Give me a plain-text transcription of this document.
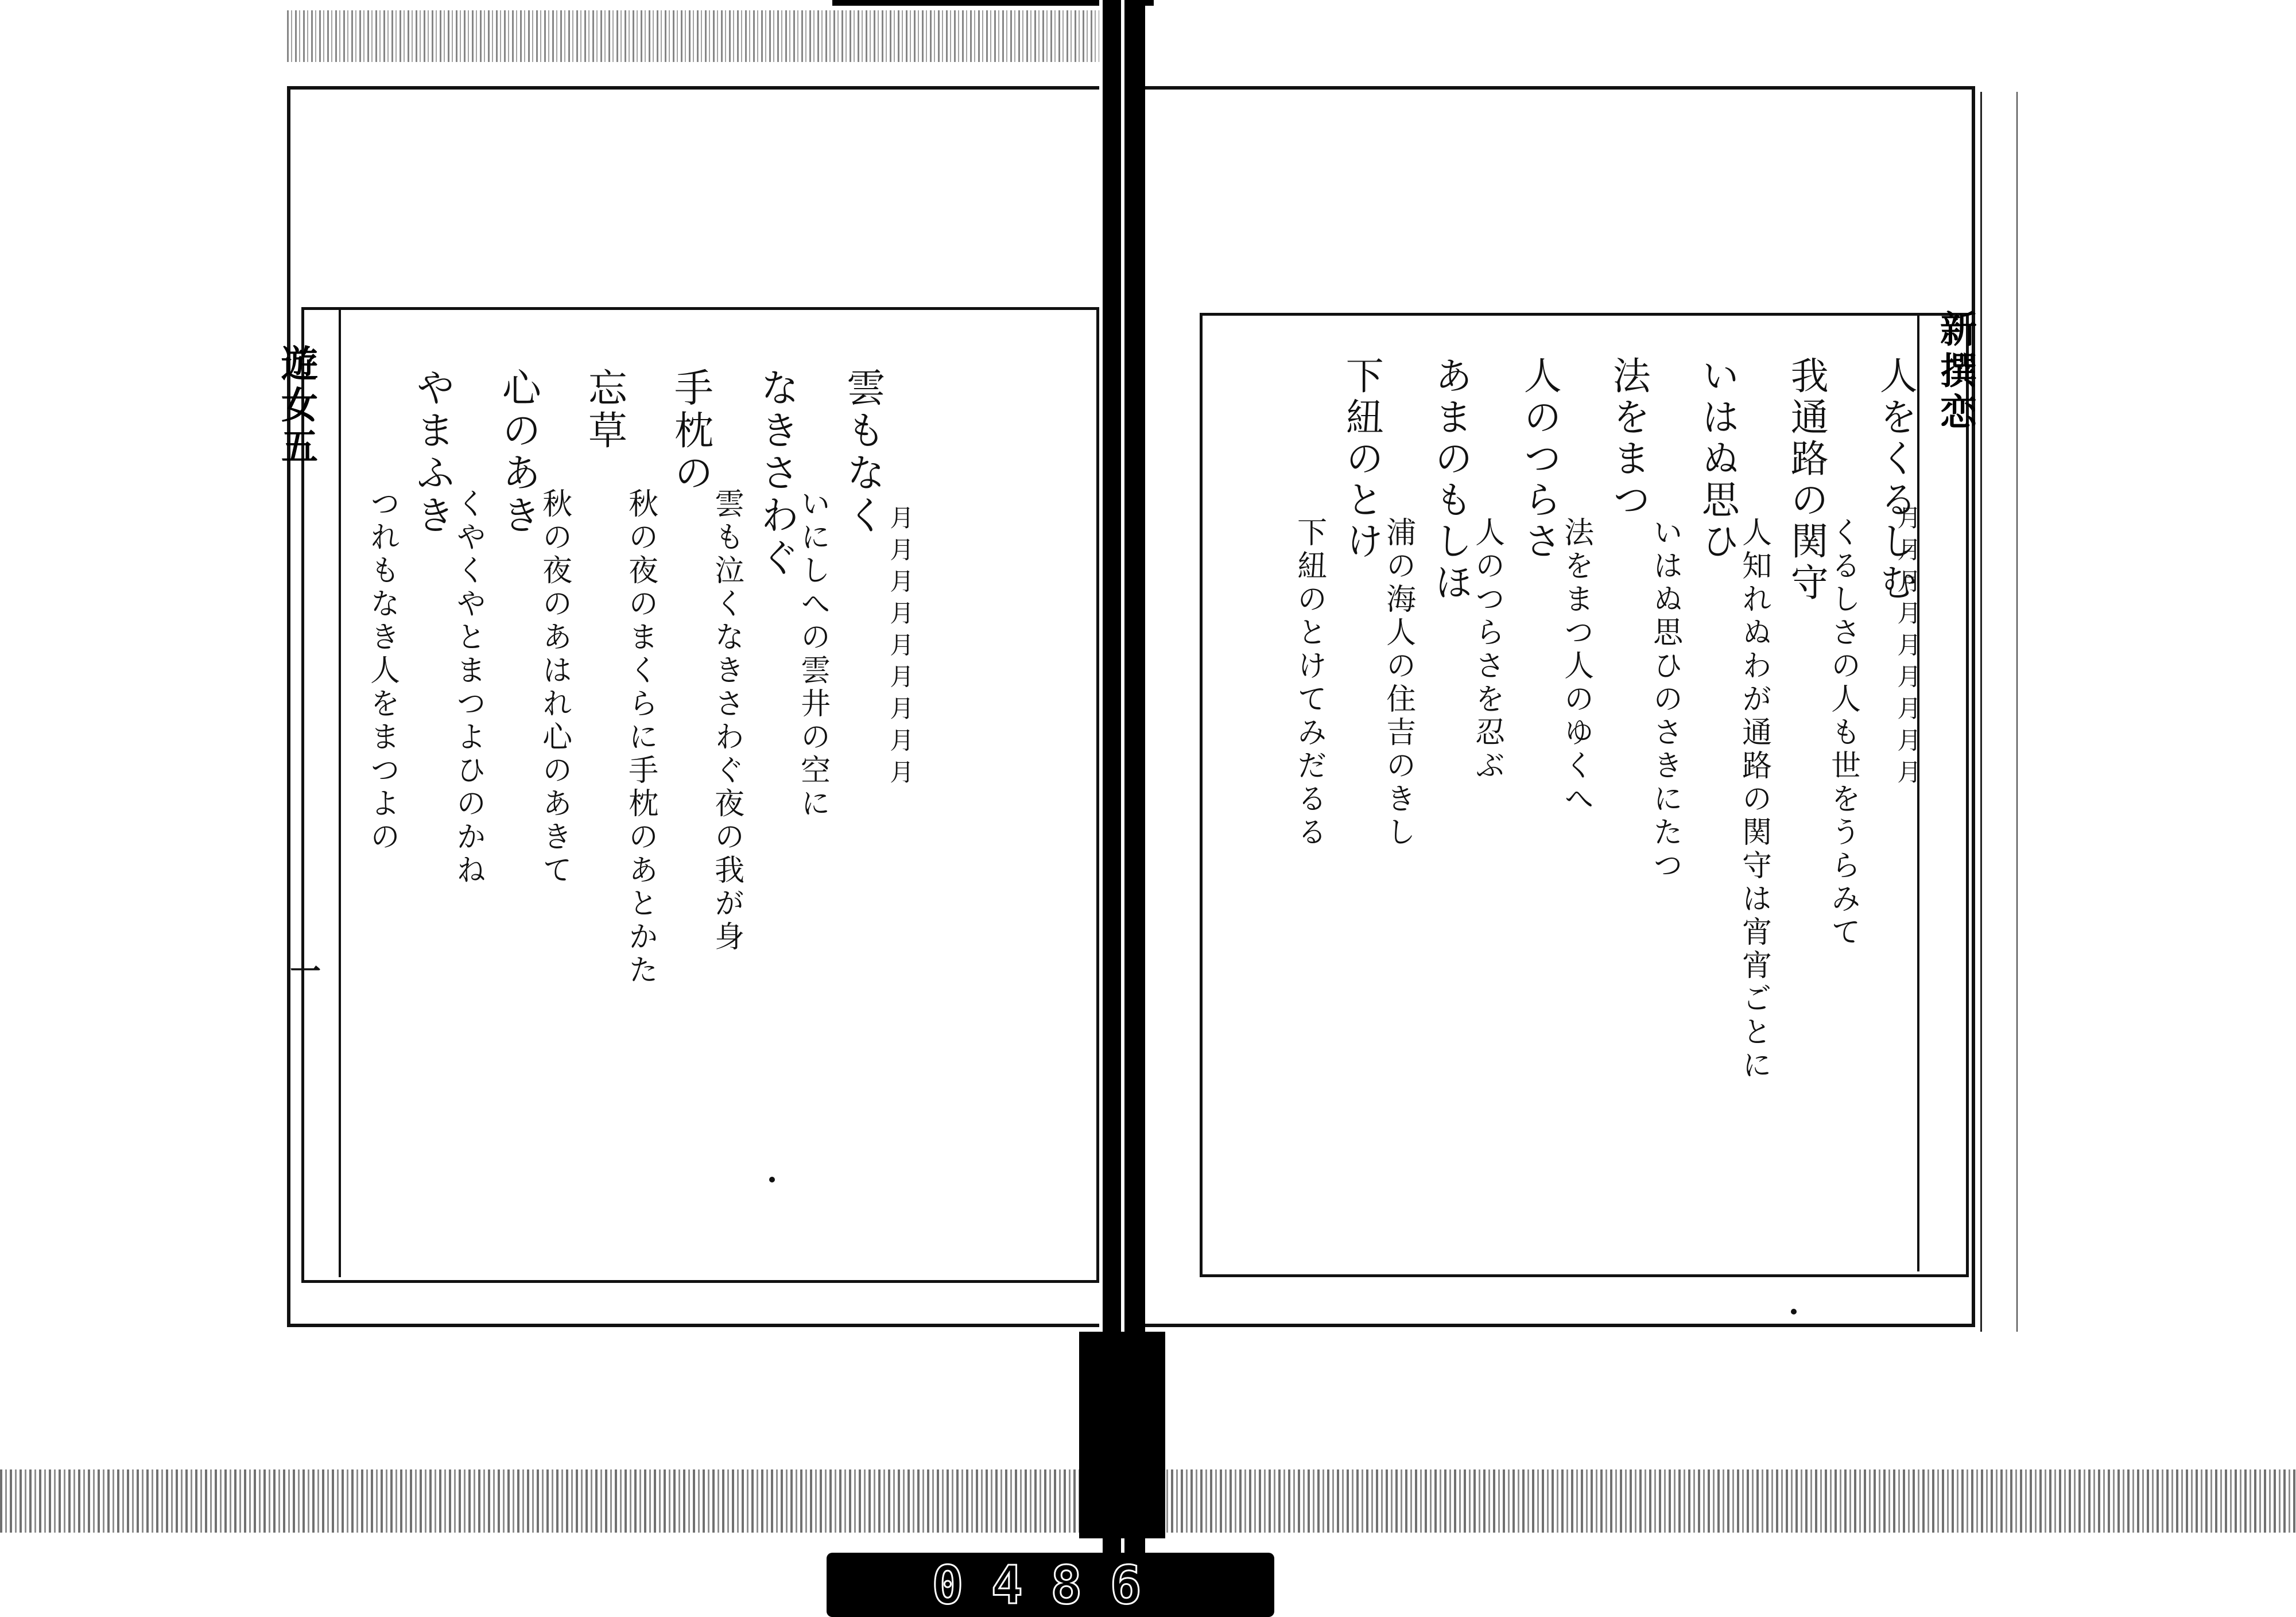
遊女五
一
雲もなく
いにしへの雲井の空に
なきさわぐ
雲も泣くなきさわぐ夜の我が身
手枕の
秋の夜のまくらに手枕のあとかた
忘草
秋の夜のあはれ心のあきて
心のあき
くやくやとまつよひのかね
やまふき
つれもなき人をまつよの	月 月 月 月 月 月 月 月 月
新撰恋
人をくるしむ
くるしさの人も世をうらみて
我通路の関守
人知れぬわが通路の関守は宵宵ごとに
いはぬ思ひ
いはぬ思ひのさきにたつ
法をまつ
法をまつ人のゆくへ
人のつらさ
人のつらさを忍ぶ
あまのもしほ
浦の海人の住吉のきし
下紐のとけ
下紐のとけてみだるる	月 月 月 月 月 月 月 月 月
0486
